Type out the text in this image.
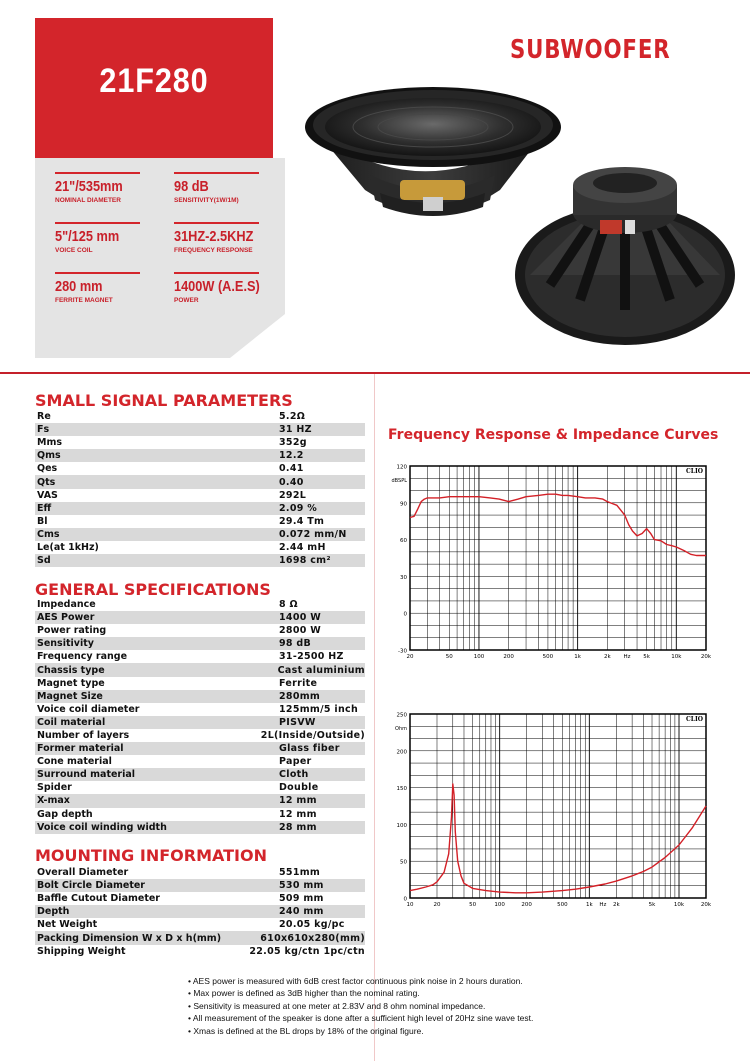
21F280
21"/535mm
NOMINAL DIAMETER
98 dB
SENSITIVITY(1W/1M)
5"/125 mm
VOICE COIL
31HZ-2.5KHZ
FREQUENCY RESPONSE
280 mm
FERRITE MAGNET
1400W (A.E.S)
POWER
SUBWOOFER
SMALL SIGNAL PARAMETERS
Re	5.2Ω
Fs	31 HZ
Mms	352g
Qms	12.2
Qes	0.41
Qts	0.40
VAS	292L
Eff	2.09 %
Bl	29.4 Tm
Cms	0.072 mm/N
Le(at 1kHz)	2.44 mH
Sd	1698 cm²
GENERAL SPECIFICATIONS
Impedance	8 Ω
AES Power	1400 W
Power rating	2800 W
Sensitivity	98 dB
Frequency range	31-2500 HZ
Chassis type	Cast aluminium
Magnet type	Ferrite
Magnet Size	280mm
Voice coil diameter	125mm/5 inch
Coil material	PISVW
Number of layers	2L(Inside/Outside)
Former material	Glass fiber
Cone material	Paper
Surround material	Cloth
Spider	Double
X-max	12 mm
Gap depth	12 mm
Voice coil winding width	28 mm
MOUNTING INFORMATION
Overall Diameter	551mm
Bolt Circle Diameter	530 mm
Baffle Cutout Diameter	509 mm
Depth	240 mm
Net Weight	20.05 kg/pc
Packing Dimension W x D x h(mm)	610x610x280(mm)
Shipping Weight	22.05 kg/ctn 1pc/ctn
Frequency Response & Impedance Curves
-30
0
30
60
90
120
dBSPL
CLIO
20	50	100	200	500	1k	2k Hz 5k	10k	20k
0
50
100
150
200
250
Ohm
CLIO
10	20	50	100	200	500	1k Hz 2k	5k	10k	20k
• AES power is measured with 6dB crest factor continuous pink noise in 2 hours duration.
• Max power is defined as 3dB higher than the nominal rating.
• Sensitivity is measured at one meter at 2.83V and 8 ohm nominal impedance.
• All measurement of the speaker is done after a sufficient high level of 20Hz sine wave test.
• Xmas is defined at the BL drops by 18% of the original figure.
